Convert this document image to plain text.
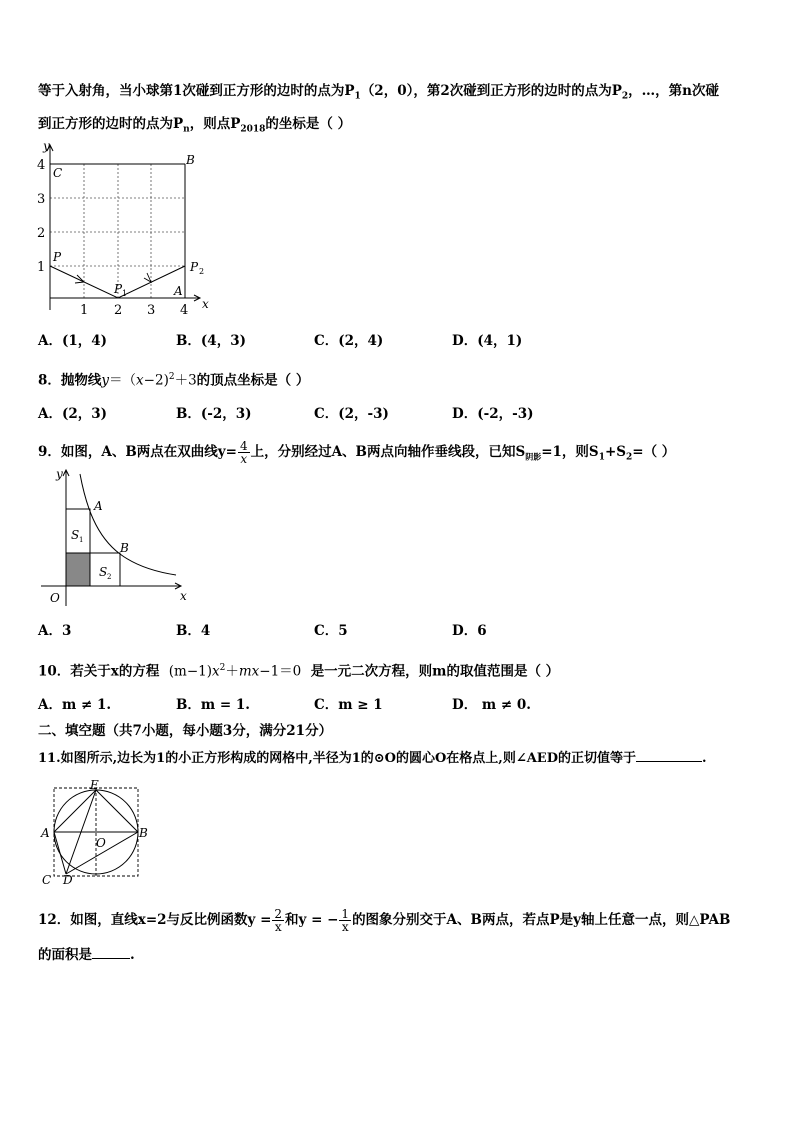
等于入射角，当小球第1次碰到正方形的边时的点为$P_1(2$，0），第2次碰到正方形的边时的点为$P_2$，…，第n次碰
到正方形的边时的点为$P_n$，则点$P_{2018}$的坐标是（ ）
y
x
4
3
2
1
1 2 3 4
C
B
P
P 1
P 2
A
A．(1，4)	B．(4，3)	C．(2，4)	D．(4，1)
8．抛物线y＝（x−2)$^2$＋3的顶点坐标是（ ）
A．(2，3)	B．(-2，3)	C．(2，-3)	D．(-2，-3)
9．如图，A、B两点在双曲线$y= \frac{4}{x}$ 上，分别经过A、B两点向轴作垂线段，已知$S_{阴影}=1$，则$S_1+S_2=$（ ）
y
x
O
A
B
S 1
S 2
A．3	B．4	C．5	D．6
10．若关于x的方程 $(m-1)x^2+mx-1=0$ 是一元二次方程，则m的取值范围是（ ）
A．m ≠ 1.	B．m = 1.	C．m ≥ 1	D． m ≠ 0.
二、填空题（共7小题，每小题3分，满分21分）
11.如图所示,边长为1的小正方形构成的网格中,半径为1的⊙O的圆心O在格点上,则∠AED的正切值等于	.
E
A	B
O
C D
12．如图，直线x=2与反比例函数$y = \frac{2}{x}$ 和y = − $\frac{1}{x}$ 的图象分别交于A、B两点，若点P是y轴上任意一点，则△PAB
的面积是	.
